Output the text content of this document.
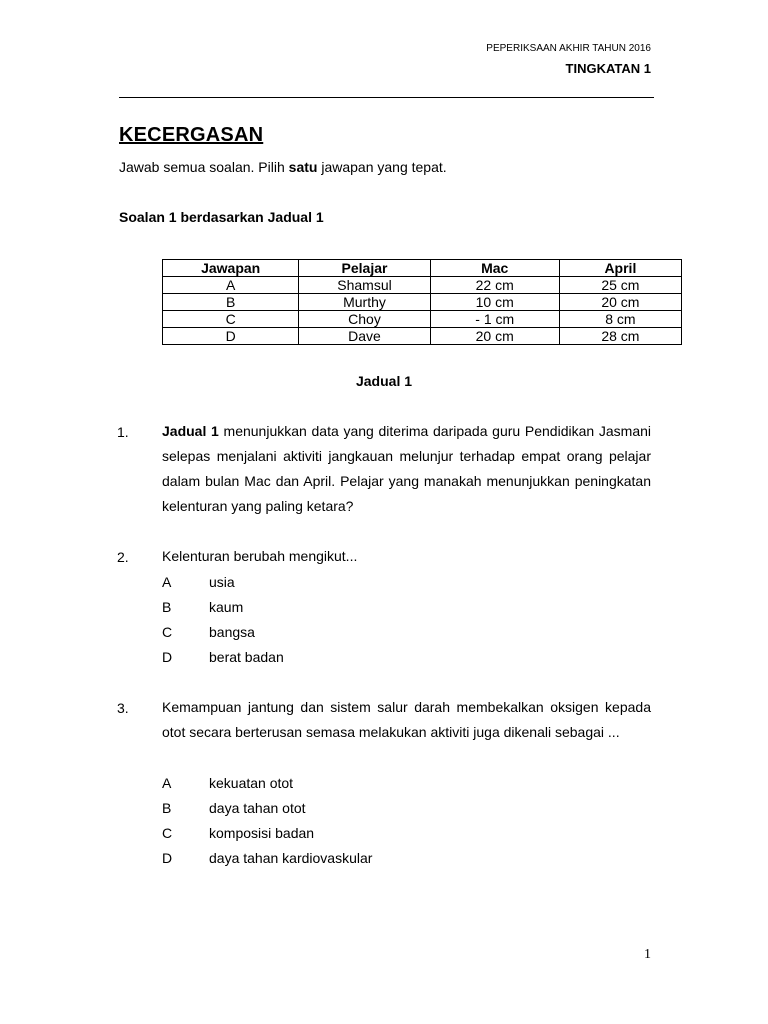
PEPERIKSAAN AKHIR TAHUN 2016
TINGKATAN 1
KECERGASAN
Jawab semua soalan. Pilih satu jawapan yang tepat.
Soalan 1 berdasarkan Jadual 1
Jawapan	Pelajar	Mac	April
A	Shamsul	22 cm	25 cm
B	Murthy	10 cm	20 cm
C	Choy	- 1 cm	8 cm
D	Dave	20 cm	28 cm
Jadual 1
1. Jadual 1 menunjukkan data yang diterima daripada guru Pendidikan Jasmani selepas menjalani aktiviti jangkauan melunjur terhadap empat orang pelajar dalam bulan Mac dan April. Pelajar yang manakah menunjukkan peningkatan kelenturan yang paling ketara?
2. Kelenturan berubah mengikut...
A	usia
B	kaum
C	bangsa
D	berat badan
3. Kemampuan jantung dan sistem salur darah membekalkan oksigen kepada otot secara berterusan semasa melakukan aktiviti juga dikenali sebagai ...
A	kekuatan otot
B	daya tahan otot
C	komposisi badan
D	daya tahan kardiovaskular
1
